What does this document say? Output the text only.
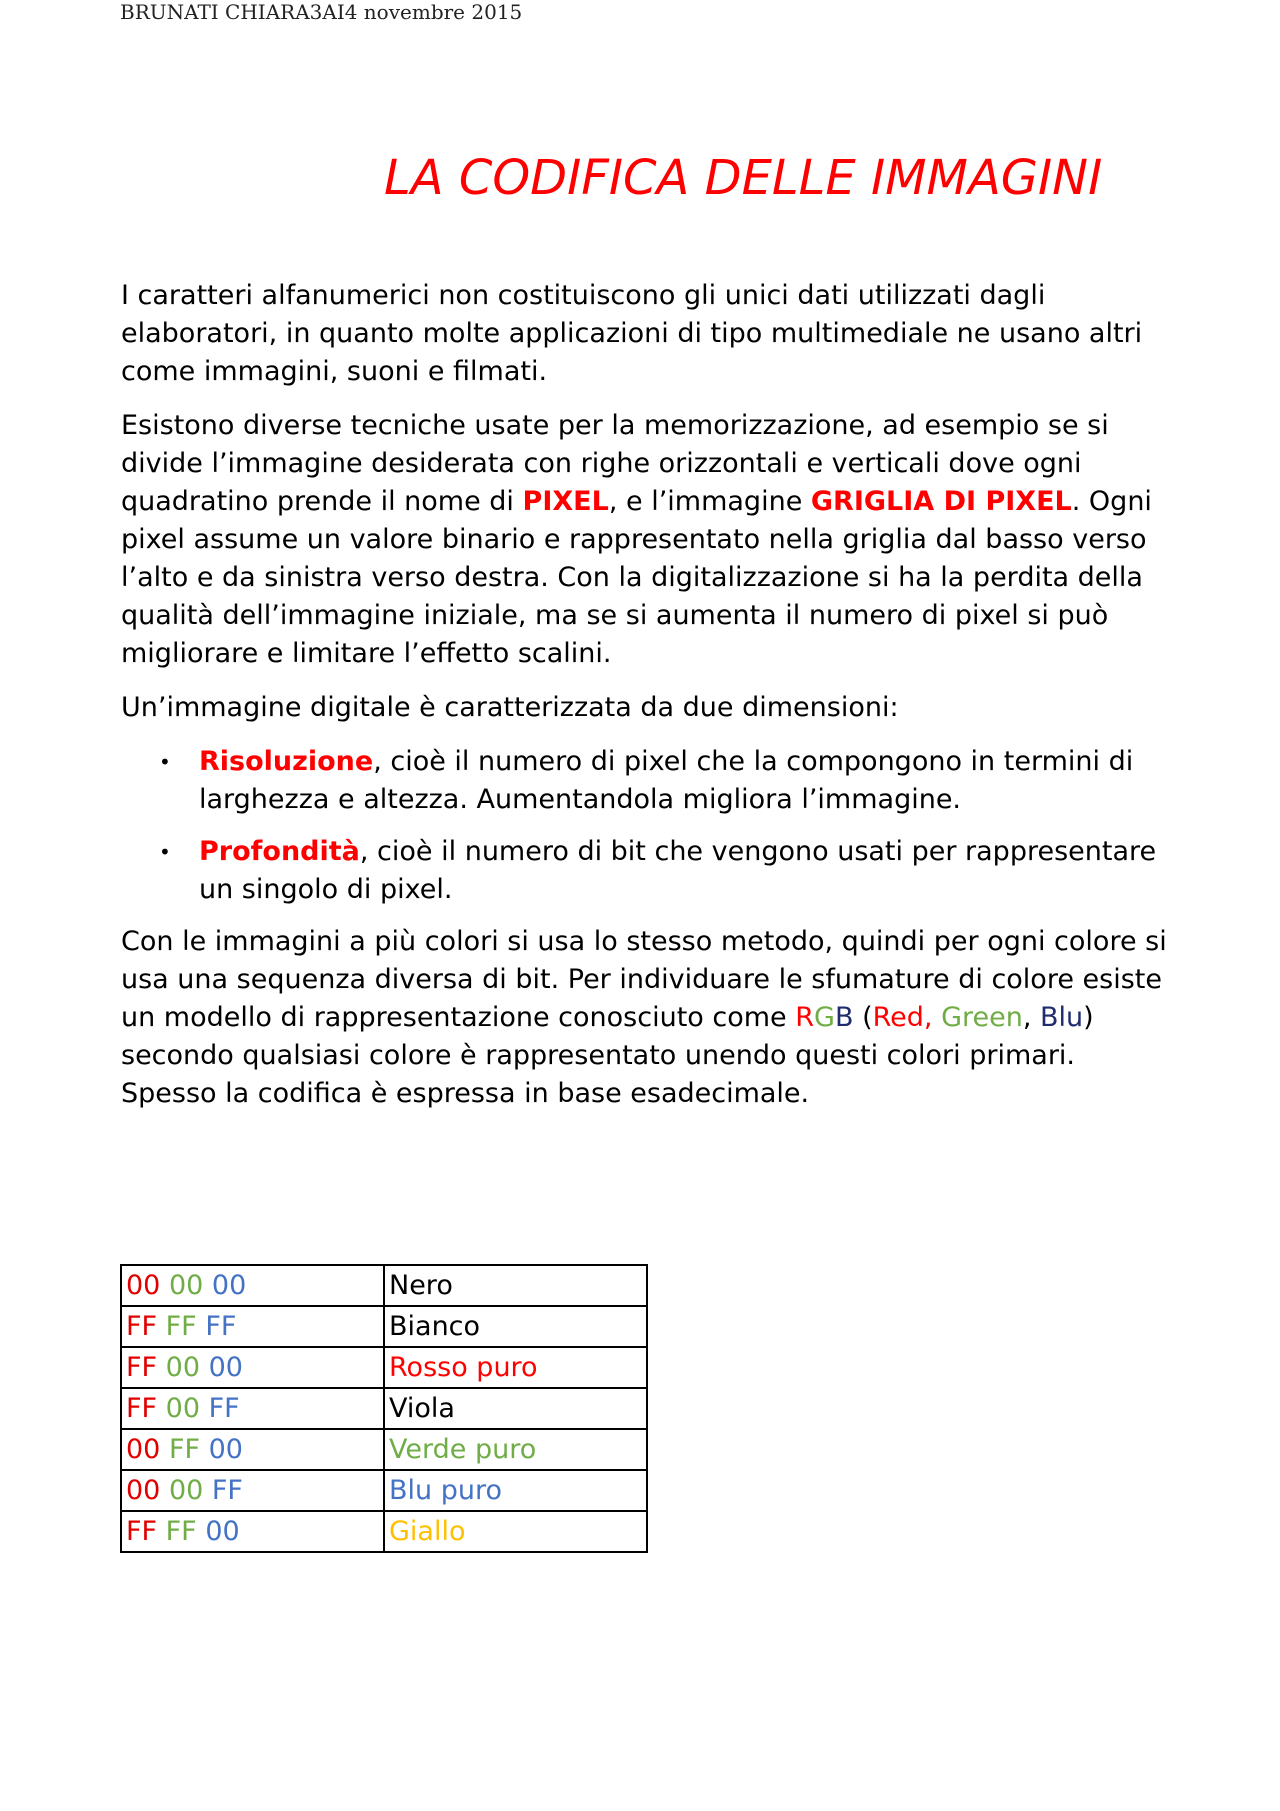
BRUNATI CHIARA3AI4 novembre 2015
LA CODIFICA DELLE IMMAGINI

I caratteri alfanumerici non costituiscono gli unici dati utilizzati dagli elaboratori, in quanto molte applicazioni di tipo multimediale ne usano altri come immagini, suoni e filmati.

Esistono diverse tecniche usate per la memorizzazione, ad esempio se si divide l’immagine desiderata con righe orizzontali e verticali dove ogni quadratino prende il nome di PIXEL, e l’immagine GRIGLIA DI PIXEL. Ogni pixel assume un valore binario e rappresentato nella griglia dal basso verso l’alto e da sinistra verso destra. Con la digitalizzazione si ha la perdita della qualità dell’immagine iniziale, ma se si aumenta il numero di pixel si può migliorare e limitare l’effetto scalini.

Un’immagine digitale è caratterizzata da due dimensioni:

• Risoluzione, cioè il numero di pixel che la compongono in termini di larghezza e altezza. Aumentandola migliora l’immagine.
• Profondità, cioè il numero di bit che vengono usati per rappresentare un singolo di pixel.

Con le immagini a più colori si usa lo stesso metodo, quindi per ogni colore si usa una sequenza diversa di bit. Per individuare le sfumature di colore esiste un modello di rappresentazione conosciuto come RGB (Red, Green, Blu) secondo qualsiasi colore è rappresentato unendo questi colori primari. Spesso la codifica è espressa in base esadecimale.

00 00 00	Nero
FF FF FF	Bianco
FF 00 00	Rosso puro
FF 00 FF	Viola
00 FF 00	Verde puro
00 00 FF	Blu puro
FF FF 00	Giallo
